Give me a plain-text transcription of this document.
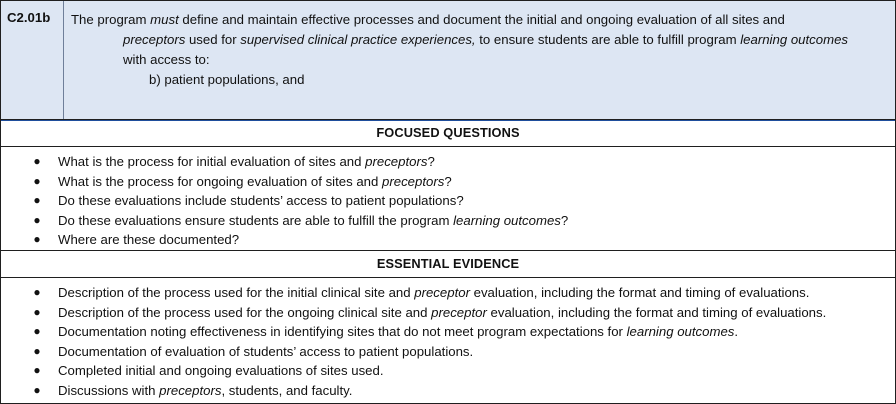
C2.01b	The program must define and maintain effective processes and document the initial and ongoing evaluation of all sites and
preceptors used for supervised clinical practice experiences, to ensure students are able to fulfill program learning outcomes
with access to:
b) patient populations, and
FOCUSED QUESTIONS
● What is the process for initial evaluation of sites and preceptors?
● What is the process for ongoing evaluation of sites and preceptors?
● Do these evaluations include students’ access to patient populations?
● Do these evaluations ensure students are able to fulfill the program learning outcomes?
● Where are these documented?
ESSENTIAL EVIDENCE
● Description of the process used for the initial clinical site and preceptor evaluation, including the format and timing of evaluations.
● Description of the process used for the ongoing clinical site and preceptor evaluation, including the format and timing of evaluations.
● Documentation noting effectiveness in identifying sites that do not meet program expectations for learning outcomes.
● Documentation of evaluation of students’ access to patient populations.
● Completed initial and ongoing evaluations of sites used.
● Discussions with preceptors, students, and faculty.
